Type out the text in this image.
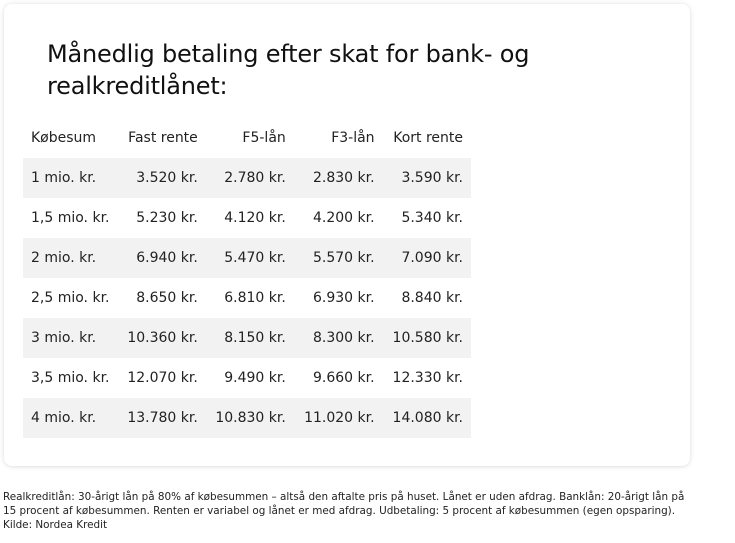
Månedlig betaling efter skat for bank- og realkreditlånet:
Købesum	Fast rente	F5-lån	F3-lån	Kort rente
1 mio. kr.	3.520 kr.	2.780 kr.	2.830 kr.	3.590 kr.
1,5 mio. kr.	5.230 kr.	4.120 kr.	4.200 kr.	5.340 kr.
2 mio. kr.	6.940 kr.	5.470 kr.	5.570 kr.	7.090 kr.
2,5 mio. kr.	8.650 kr.	6.810 kr.	6.930 kr.	8.840 kr.
3 mio. kr.	10.360 kr.	8.150 kr.	8.300 kr.	10.580 kr.
3,5 mio. kr.	12.070 kr.	9.490 kr.	9.660 kr.	12.330 kr.
4 mio. kr.	13.780 kr.	10.830 kr.	11.020 kr.	14.080 kr.

Realkreditlån: 30-årigt lån på 80% af købesummen – altså den aftalte pris på huset. Lånet er uden afdrag. Banklån: 20-årigt lån på 15 procent af købesummen. Renten er variabel og lånet er med afdrag. Udbetaling: 5 procent af købesummen (egen opsparing). Kilde: Nordea Kredit
